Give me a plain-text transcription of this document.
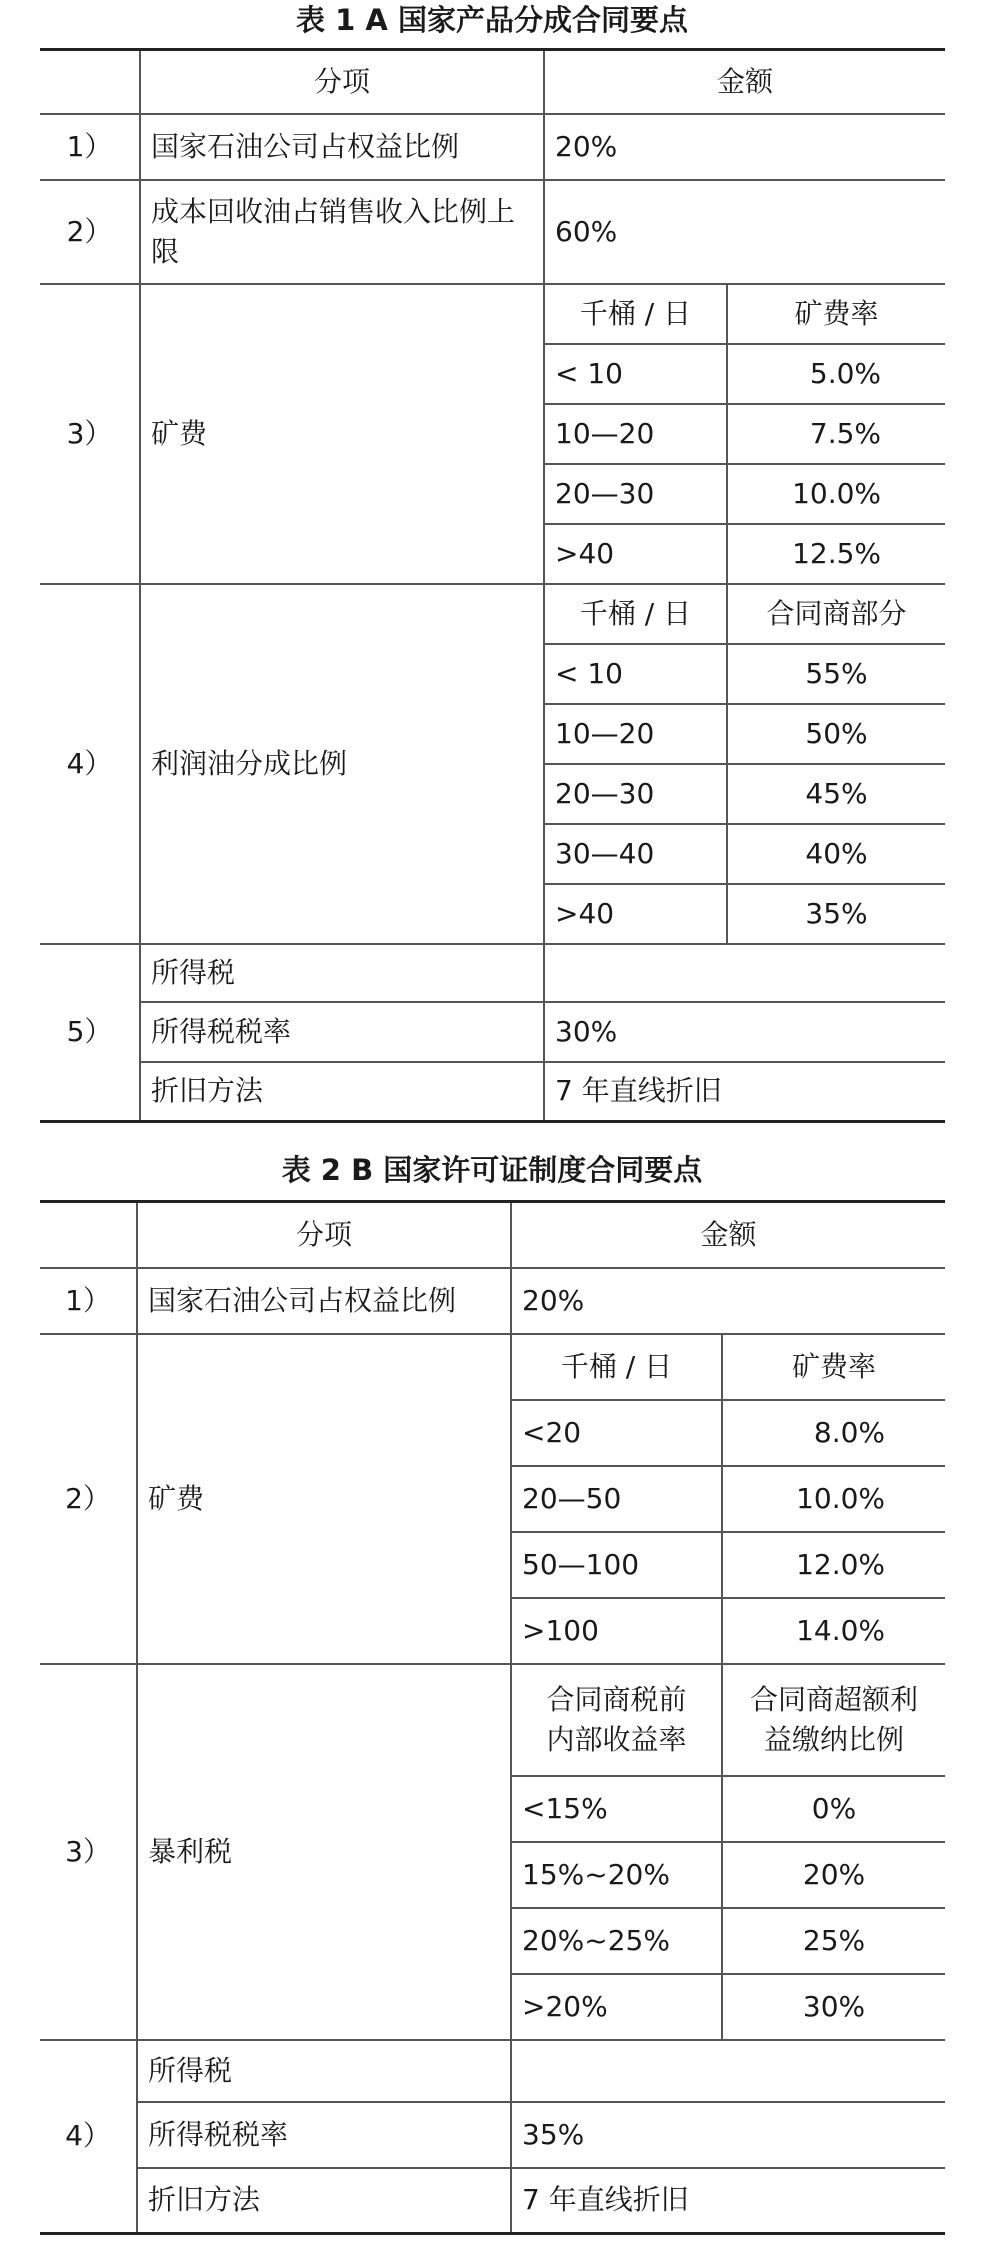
表 1 A 国家产品分成合同要点
	分项	金额	
1）	国家石油公司占权益比例	20%	
2）	成本回收油占销售收入比例上限	60%	
3）	矿费	千桶 / 日	矿费率
		< 10	5.0%
		10—20	7.5%
		20—30	10.0%
		>40	12.5%
4）	利润油分成比例	千桶 / 日	合同商部分
		< 10	55%
		10—20	50%
		20—30	45%
		30—40	40%
		>40	35%
5）	所得税		
	所得税税率	30%	
	折旧方法	7 年直线折旧	
表 2 B 国家许可证制度合同要点
	分项	金额	
1）	国家石油公司占权益比例	20%	
2）	矿费	千桶 / 日	矿费率
		<20	8.0%
		20—50	10.0%
		50—100	12.0%
		>100	14.0%
3）	暴利税	合同商税前内部收益率	合同商超额利益缴纳比例
		<15%	0%
		15%~20%	20%
		20%~25%	25%
		>20%	30%
4）	所得税		
	所得税税率	35%	
	折旧方法	7 年直线折旧	
